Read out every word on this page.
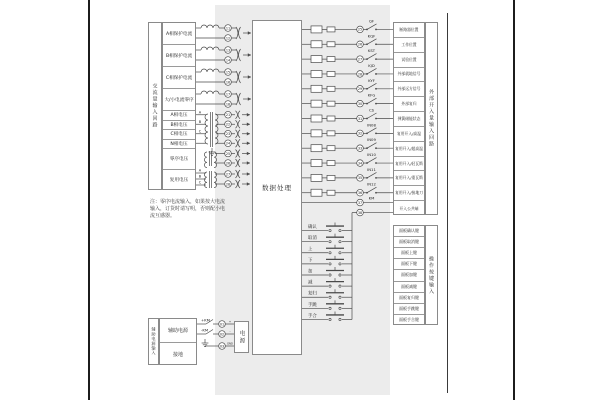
交流量输入回路
A相保护电流
B相保护电流
C相保护电流
大/小电流零序
A相电压
B相电压
C相电压
N相电压
零序电压
复用电压
注：零序电流输入，如果按大电流
输入，订货时请写明，否则配小电
流互感器。
辅助电源输入	辅助电源
接地
电源
数据处理
断路器位置
工作位置
试验位置
外部就地信号
外部远方信号
外部复归
弹簧储能状态
复用开入/高温
复用开入/超高温
复用开入/轻瓦斯
复用开入/重瓦斯
复用开入/接地刀
开入公共端
外部开入量输入回路
面板确认键
面板取消键
面板上键
面板下键
面板加键
面板减键
面板复归键
面板手跳键
面板手合键
操作按键输入
11
12
13
14
15
16
17
18
A
21
B
22
C
23
24
25
26
A
B
C
27
28
+KM
01
+
-KM
02
-
03
GND
25
QF
26
KQF
27
KST
28
KJD
29
KYF
30
KFG
31
CS
32
IN08
33
IN09
34
IN10
35
IN11
36
IN12
37
38
KM
确认
取消
上
下
加
减
复归
手跳
手合
